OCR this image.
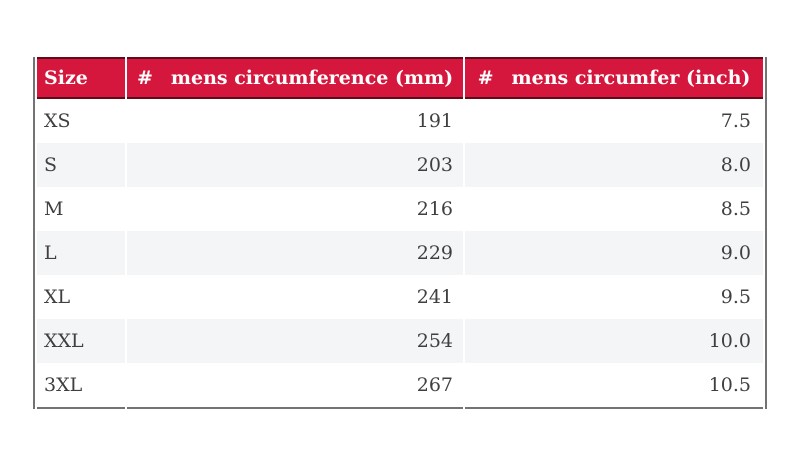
Size	# mens circumference (mm)	# mens circumfer (inch)
XS	191	7.5
S	203	8.0
M	216	8.5
L	229	9.0
XL	241	9.5
XXL	254	10.0
3XL	267	10.5
